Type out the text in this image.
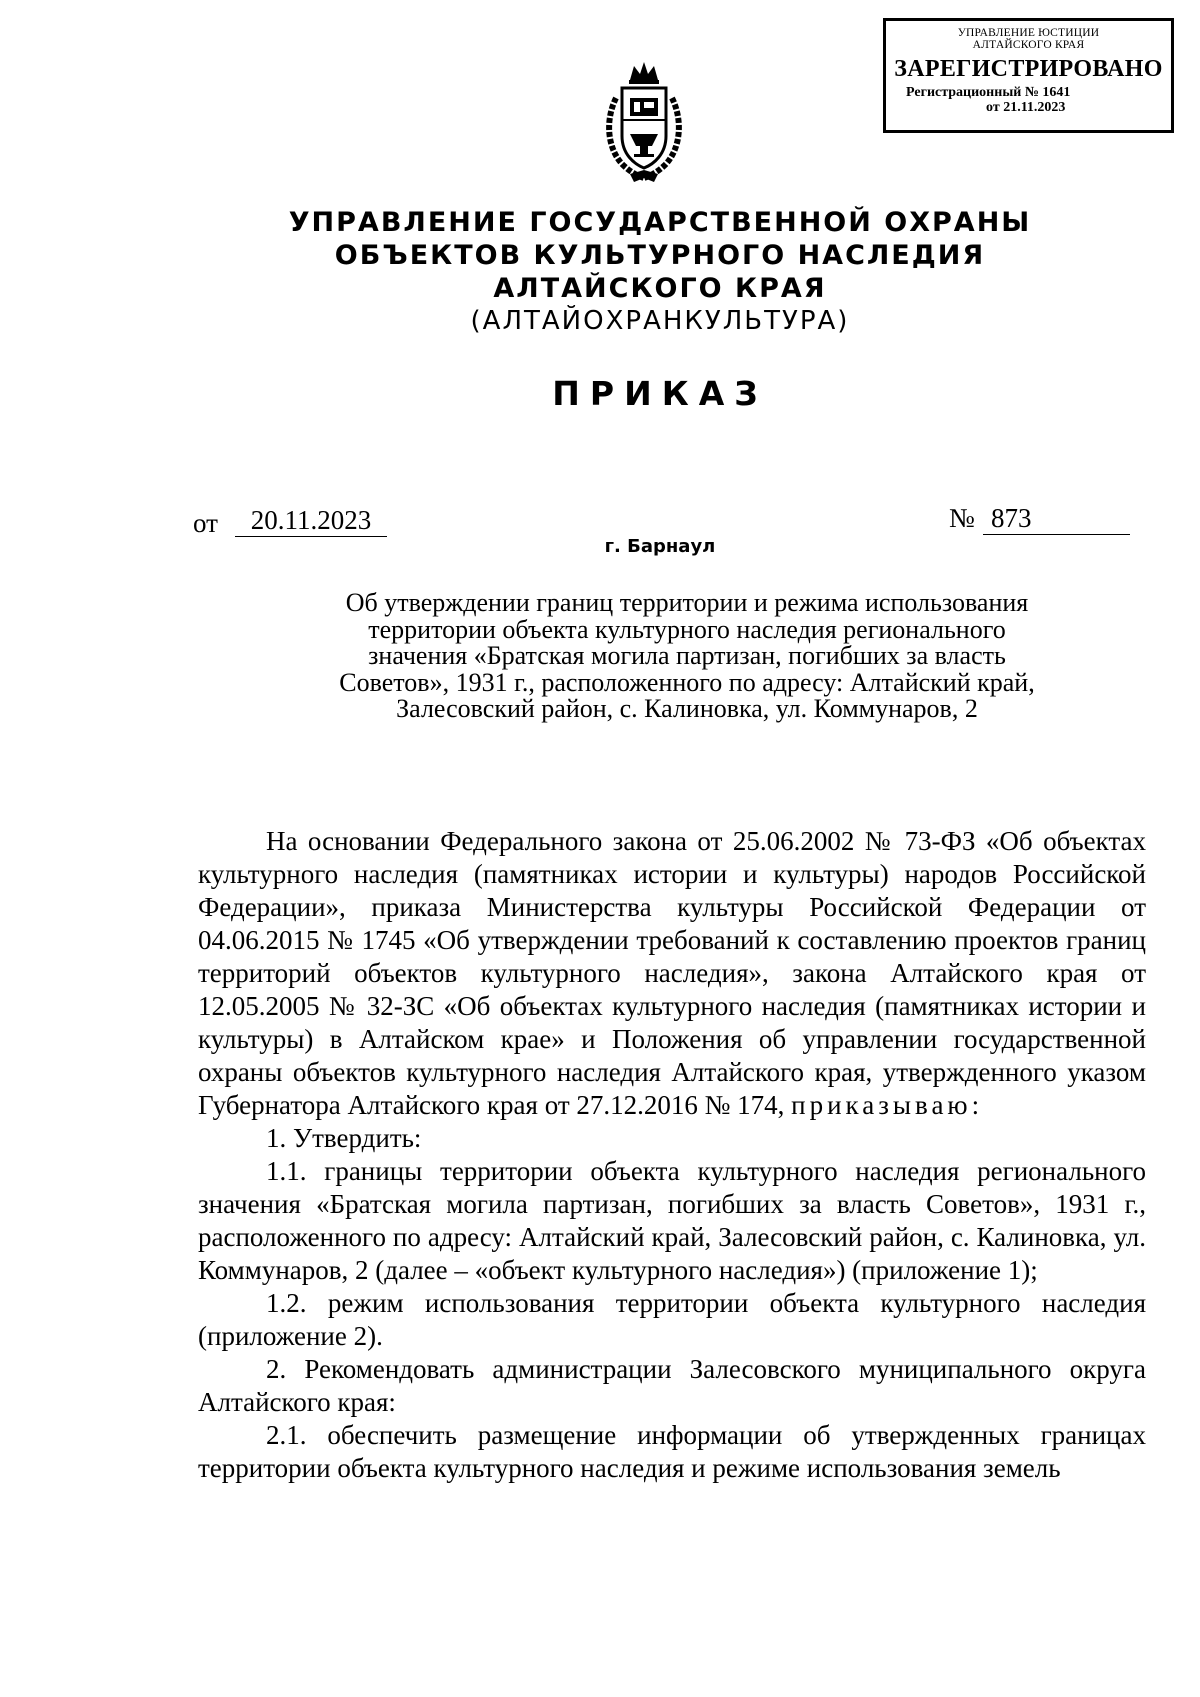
УПРАВЛЕНИЕ ЮСТИЦИИ
АЛТАЙСКОГО КРАЯ
ЗАРЕГИСТРИРОВАНО
Регистрационный № 1641
от 21.11.2023
УПРАВЛЕНИЕ ГОСУДАРСТВЕННОЙ ОХРАНЫ
ОБЪЕКТОВ КУЛЬТУРНОГО НАСЛЕДИЯ
АЛТАЙСКОГО КРАЯ
(АЛТАЙОХРАНКУЛЬТУРА)
ПРИКАЗ
от	20.11.2023	№ 873
г. Барнаул
Об утверждении границ территории и режима использования
территории объекта культурного наследия регионального
значения «Братская могила партизан, погибших за власть
Советов», 1931 г., расположенного по адресу: Алтайский край,
Залесовский район, с. Калиновка, ул. Коммунаров, 2

На основании Федерального закона от 25.06.2002 № 73-ФЗ «Об объектах культурного наследия (памятниках истории и культуры) народов Российской Федерации», приказа Министерства культуры Российской Федерации от 04.06.2015 № 1745 «Об утверждении требований к составлению проектов границ территорий объектов культурного наследия», закона Алтайского края от 12.05.2005 № 32-ЗС «Об объектах культурного наследия (памятниках истории и культуры) в Алтайском крае» и Положения об управлении государственной охраны объектов культурного наследия Алтайского края, утвержденного указом Губернатора Алтайского края от 27.12.2016 № 174, приказываю:

1. Утвердить:

1.1. границы территории объекта культурного наследия регионального значения «Братская могила партизан, погибших за власть Советов», 1931 г., расположенного по адресу: Алтайский край, Залесовский район, с. Калиновка, ул. Коммунаров, 2 (далее – «объект культурного наследия») (приложение 1);

1.2. режим использования территории объекта культурного наследия (приложение 2).

2. Рекомендовать администрации Залесовского муниципального округа Алтайского края:

2.1. обеспечить размещение информации об утвержденных границах территории объекта культурного наследия и режиме использования земель
